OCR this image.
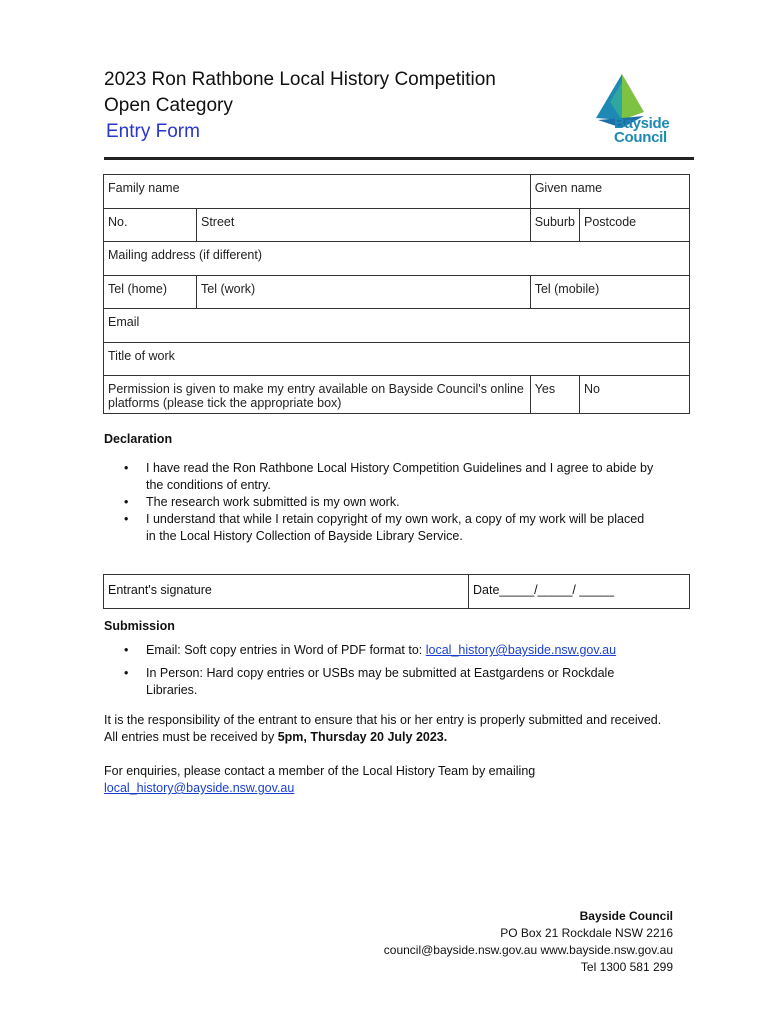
2023 Ron Rathbone Local History Competition
Open Category
Entry Form	Bayside
Council
Family name		Given name	
No.	Street	Suburb	Postcode
Mailing address (if different)			
Tel (home)	Tel (work)	Tel (mobile)	
Email			
Title of work			
Permission is given to make my entry available on Bayside Council's online platforms (please tick the appropriate box)		Yes	No
Declaration
• I have read the Ron Rathbone Local History Competition Guidelines and I agree to abide by the conditions of entry.
• The research work submitted is my own work.
• I understand that while I retain copyright of my own work, a copy of my work will be placed in the Local History Collection of Bayside Library Service.
Entrant's signature	Date_____/_____/ _____
Submission
• Email: Soft copy entries in Word of PDF format to: local_history@bayside.nsw.gov.au
• In Person: Hard copy entries or USBs may be submitted at Eastgardens or Rockdale Libraries.
It is the responsibility of the entrant to ensure that his or her entry is properly submitted and received. All entries must be received by 5pm, Thursday 20 July 2023.
For enquiries, please contact a member of the Local History Team by emailing
local_history@bayside.nsw.gov.au
Bayside Council
PO Box 21 Rockdale NSW 2216
council@bayside.nsw.gov.au www.bayside.nsw.gov.au
Tel 1300 581 299
